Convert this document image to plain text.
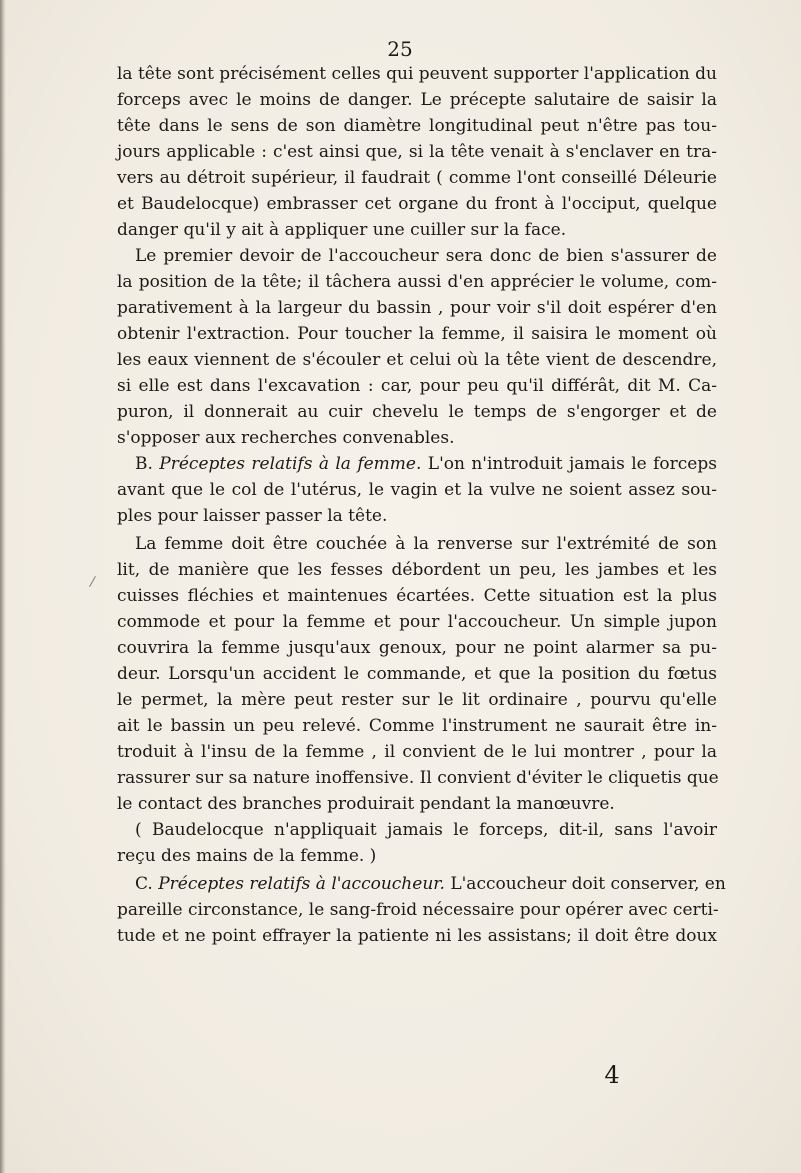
25
/
la tête sont précisément celles qui peuvent supporter l'application du
forceps avec le moins de danger. Le précepte salutaire de saisir la
tête dans le sens de son diamètre longitudinal peut n'être pas tou-
jours applicable : c'est ainsi que, si la tête venait à s'enclaver en tra-
vers au détroit supérieur, il faudrait ( comme l'ont conseillé Déleurie
et Baudelocque) embrasser cet organe du front à l'occiput, quelque
danger qu'il y ait à appliquer une cuiller sur la face.
Le premier devoir de l'accoucheur sera donc de bien s'assurer de
la position de la tête; il tâchera aussi d'en apprécier le volume, com-
parativement à la largeur du bassin , pour voir s'il doit espérer d'en
obtenir l'extraction. Pour toucher la femme, il saisira le moment où
les eaux viennent de s'écouler et celui où la tête vient de descendre,
si elle est dans l'excavation : car, pour peu qu'il différât, dit M. Ca-
puron, il donnerait au cuir chevelu le temps de s'engorger et de
s'opposer aux recherches convenables.
B. Préceptes relatifs à la femme. L'on n'introduit jamais le forceps
avant que le col de l'utérus, le vagin et la vulve ne soient assez sou-
ples pour laisser passer la tête.
La femme doit être couchée à la renverse sur l'extrémité de son
lit, de manière que les fesses débordent un peu, les jambes et les
cuisses fléchies et maintenues écartées. Cette situation est la plus
commode et pour la femme et pour l'accoucheur. Un simple jupon
couvrira la femme jusqu'aux genoux, pour ne point alarmer sa pu-
deur. Lorsqu'un accident le commande, et que la position du fœtus
le permet, la mère peut rester sur le lit ordinaire , pourvu qu'elle
ait le bassin un peu relevé. Comme l'instrument ne saurait être in-
troduit à l'insu de la femme , il convient de le lui montrer , pour la
rassurer sur sa nature inoffensive. Il convient d'éviter le cliquetis que
le contact des branches produirait pendant la manœuvre.
( Baudelocque n'appliquait jamais le forceps, dit-il, sans l'avoir
reçu des mains de la femme. )
C. Préceptes relatifs à l'accoucheur. L'accoucheur doit conserver, en
pareille circonstance, le sang-froid nécessaire pour opérer avec certi-
tude et ne point effrayer la patiente ni les assistans; il doit être doux
4
